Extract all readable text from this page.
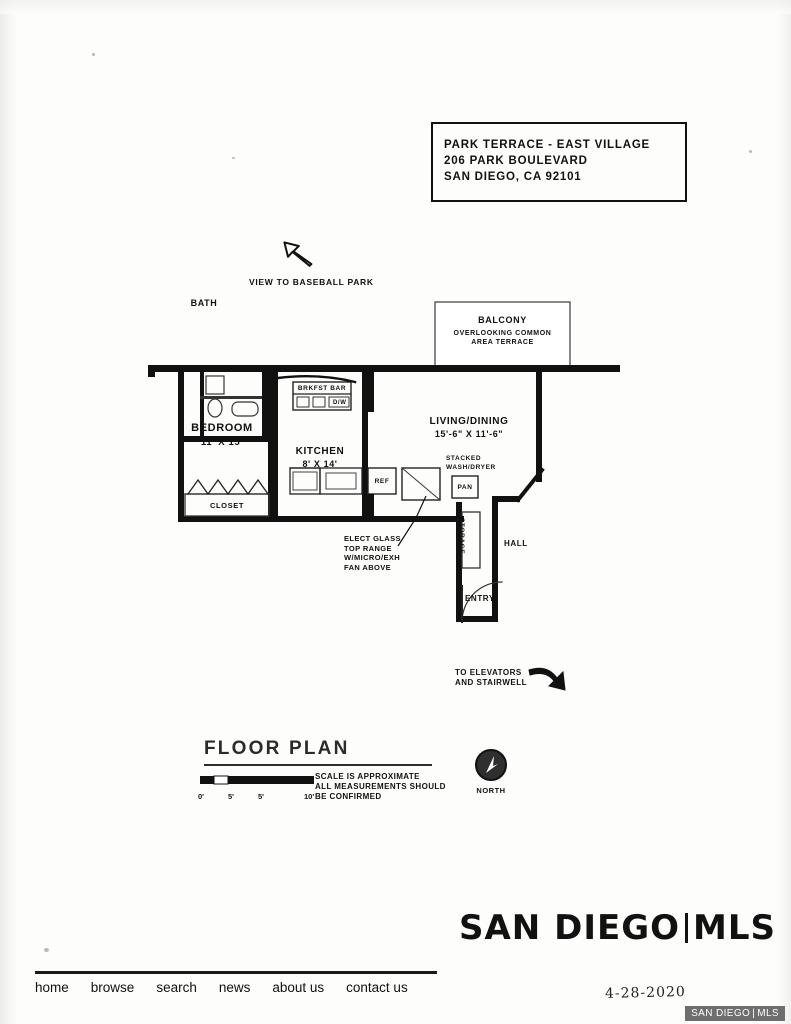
PARK TERRACE - EAST VILLAGE
206 PARK BOULEVARD
SAN DIEGO, CA 92101
VIEW TO BASEBALL PARK
BATH
BEDROOM
11' X 15'
KITCHEN
8' X 14'
LIVING/DINING
15'-6" X 11'-6"
BALCONY
OVERLOOKING COMMON
AREA TERRACE
CLOSET
BRKFST BAR
D/W
REF
PAN
STACKED
WASH/DRYER
HALL
STORAGE
ENTRY
ELECT GLASS
TOP RANGE
W/MICRO/EXH
FAN ABOVE
TO ELEVATORS
AND STAIRWELL
FLOOR PLAN
0'	5'	5'	10'
SCALE IS APPROXIMATE
ALL MEASUREMENTS SHOULD
BE CONFIRMED
NORTH
SAN DIEGO MLS
home browse search news about us contact us	4-28-2020
SAN DIEGO | MLS
